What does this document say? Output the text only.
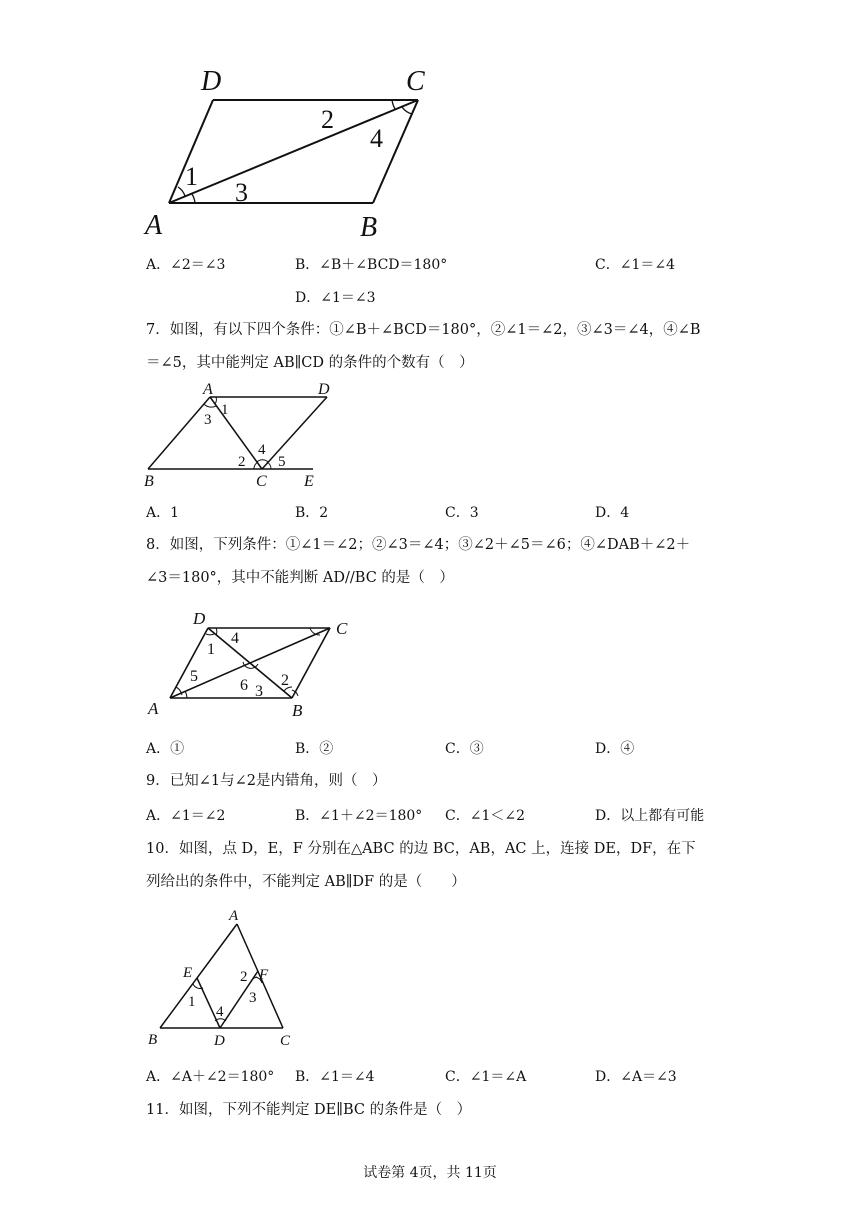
D	C
A	B
1
2
3
4
A．∠2＝∠3	B．∠B＋∠BCD＝180°	C．∠1＝∠4
D．∠1＝∠3
7．如图，有以下四个条件：①∠B＋∠BCD＝180°，②∠1＝∠2，③∠3＝∠4，④∠B
＝∠5，其中能判定 AB∥CD 的条件的个数有（　）
A	D
B	C E
1
3
4
2 5
A．1	B．2	C．3	D．4
8．如图，下列条件：①∠1＝∠2；②∠3＝∠4；③∠2＋∠5＝∠6；④∠DAB＋∠2＋
∠3＝180°，其中不能判断 AD//BC 的是（　）
D
C
A	B
4
1
5
6 3
2
A．①	B．②	C．③	D．④
9．已知∠1与∠2是内错角，则（　）
A．∠1＝∠2	B．∠1＋∠2＝180° C．∠1＜∠2	D．以上都有可能
10．如图，点 D，E，F 分别在△ABC 的边 BC，AB，AC 上，连接 DE，DF，在下
列给出的条件中，不能判定 AB∥DF 的是（　　）
A
E	F
B	D	C
1
4
2
3
A．∠A＋∠2＝180° B．∠1＝∠4	C．∠1＝∠A	D．∠A＝∠3
11．如图，下列不能判定 DE∥BC 的条件是（　）
试卷第 4页，共 11页
